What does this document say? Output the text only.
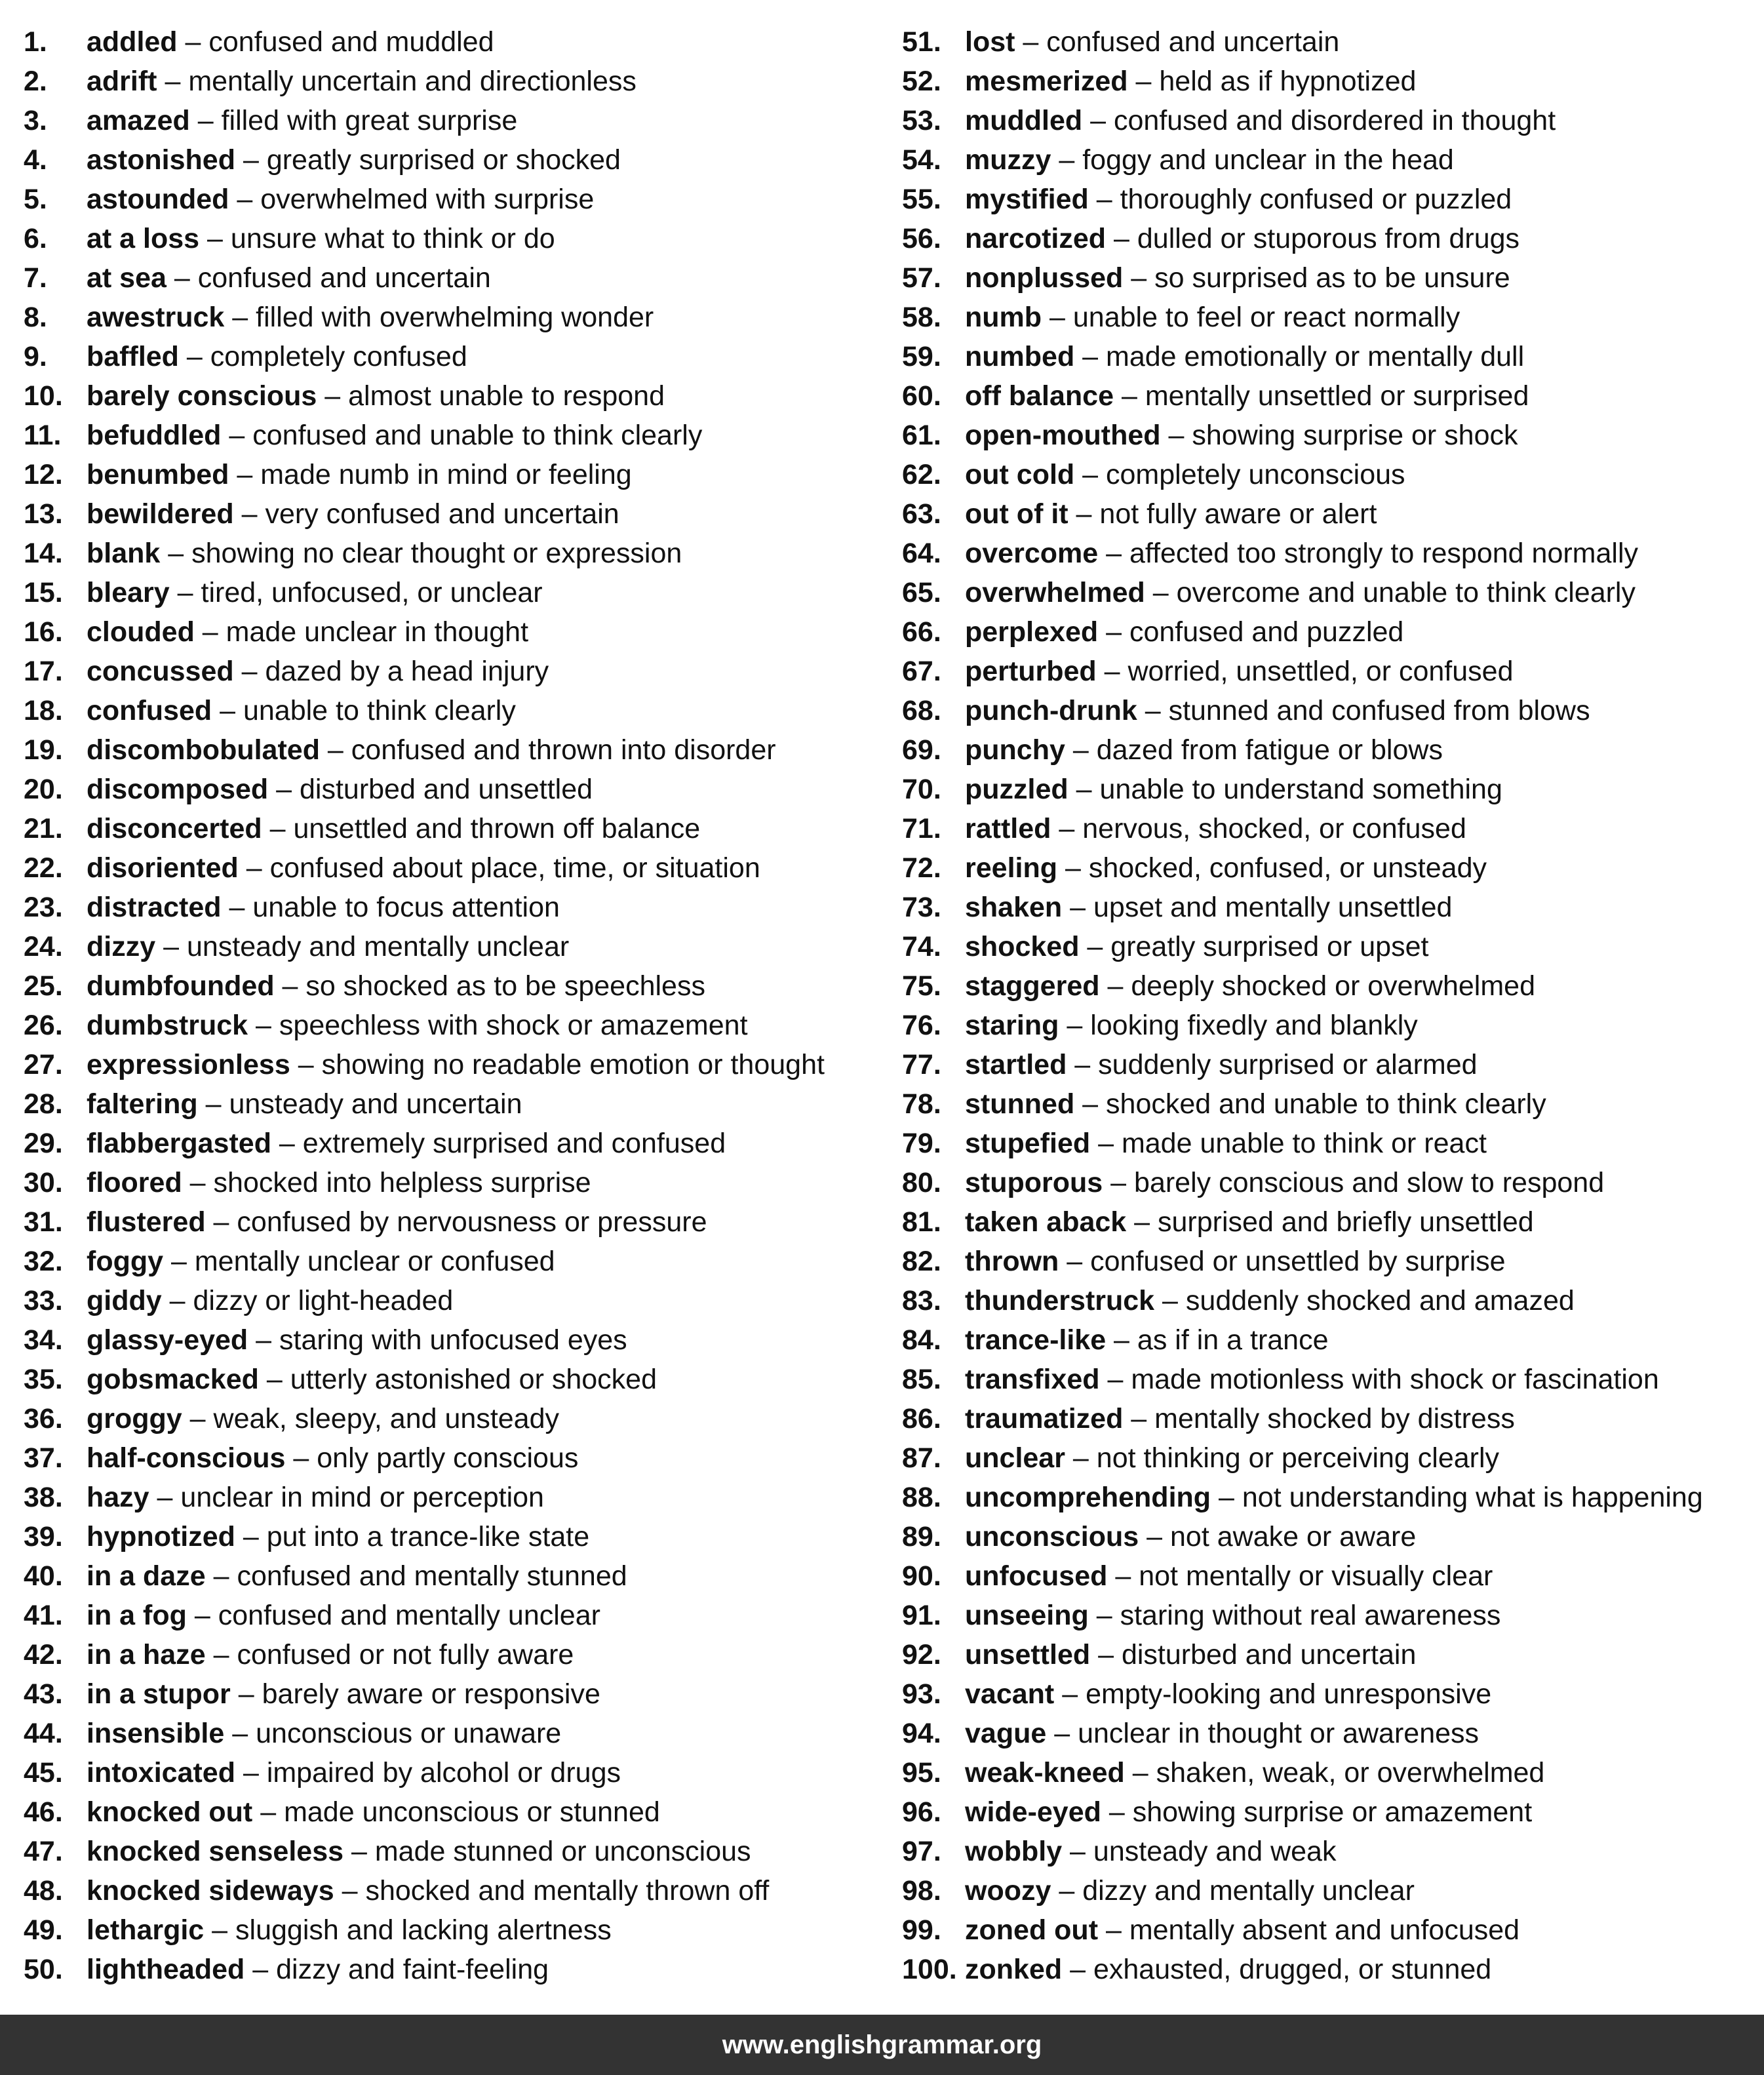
1. addled – confused and muddled
2. adrift – mentally uncertain and directionless
3. amazed – filled with great surprise
4. astonished – greatly surprised or shocked
5. astounded – overwhelmed with surprise
6. at a loss – unsure what to think or do
7. at sea – confused and uncertain
8. awestruck – filled with overwhelming wonder
9. baffled – completely confused
10. barely conscious – almost unable to respond
11. befuddled – confused and unable to think clearly
12. benumbed – made numb in mind or feeling
13. bewildered – very confused and uncertain
14. blank – showing no clear thought or expression
15. bleary – tired, unfocused, or unclear
16. clouded – made unclear in thought
17. concussed – dazed by a head injury
18. confused – unable to think clearly
19. discombobulated – confused and thrown into disorder
20. discomposed – disturbed and unsettled
21. disconcerted – unsettled and thrown off balance
22. disoriented – confused about place, time, or situation
23. distracted – unable to focus attention
24. dizzy – unsteady and mentally unclear
25. dumbfounded – so shocked as to be speechless
26. dumbstruck – speechless with shock or amazement
27. expressionless – showing no readable emotion or thought
28. faltering – unsteady and uncertain
29. flabbergasted – extremely surprised and confused
30. floored – shocked into helpless surprise
31. flustered – confused by nervousness or pressure
32. foggy – mentally unclear or confused
33. giddy – dizzy or light-headed
34. glassy-eyed – staring with unfocused eyes
35. gobsmacked – utterly astonished or shocked
36. groggy – weak, sleepy, and unsteady
37. half-conscious – only partly conscious
38. hazy – unclear in mind or perception
39. hypnotized – put into a trance-like state
40. in a daze – confused and mentally stunned
41. in a fog – confused and mentally unclear
42. in a haze – confused or not fully aware
43. in a stupor – barely aware or responsive
44. insensible – unconscious or unaware
45. intoxicated – impaired by alcohol or drugs
46. knocked out – made unconscious or stunned
47. knocked senseless – made stunned or unconscious
48. knocked sideways – shocked and mentally thrown off
49. lethargic – sluggish and lacking alertness
50. lightheaded – dizzy and faint-feeling
51. lost – confused and uncertain
52. mesmerized – held as if hypnotized
53. muddled – confused and disordered in thought
54. muzzy – foggy and unclear in the head
55. mystified – thoroughly confused or puzzled
56. narcotized – dulled or stuporous from drugs
57. nonplussed – so surprised as to be unsure
58. numb – unable to feel or react normally
59. numbed – made emotionally or mentally dull
60. off balance – mentally unsettled or surprised
61. open-mouthed – showing surprise or shock
62. out cold – completely unconscious
63. out of it – not fully aware or alert
64. overcome – affected too strongly to respond normally
65. overwhelmed – overcome and unable to think clearly
66. perplexed – confused and puzzled
67. perturbed – worried, unsettled, or confused
68. punch-drunk – stunned and confused from blows
69. punchy – dazed from fatigue or blows
70. puzzled – unable to understand something
71. rattled – nervous, shocked, or confused
72. reeling – shocked, confused, or unsteady
73. shaken – upset and mentally unsettled
74. shocked – greatly surprised or upset
75. staggered – deeply shocked or overwhelmed
76. staring – looking fixedly and blankly
77. startled – suddenly surprised or alarmed
78. stunned – shocked and unable to think clearly
79. stupefied – made unable to think or react
80. stuporous – barely conscious and slow to respond
81. taken aback – surprised and briefly unsettled
82. thrown – confused or unsettled by surprise
83. thunderstruck – suddenly shocked and amazed
84. trance-like – as if in a trance
85. transfixed – made motionless with shock or fascination
86. traumatized – mentally shocked by distress
87. unclear – not thinking or perceiving clearly
88. uncomprehending – not understanding what is happening
89. unconscious – not awake or aware
90. unfocused – not mentally or visually clear
91. unseeing – staring without real awareness
92. unsettled – disturbed and uncertain
93. vacant – empty-looking and unresponsive
94. vague – unclear in thought or awareness
95. weak-kneed – shaken, weak, or overwhelmed
96. wide-eyed – showing surprise or amazement
97. wobbly – unsteady and weak
98. woozy – dizzy and mentally unclear
99. zoned out – mentally absent and unfocused
100. zonked – exhausted, drugged, or stunned
www.englishgrammar.org
